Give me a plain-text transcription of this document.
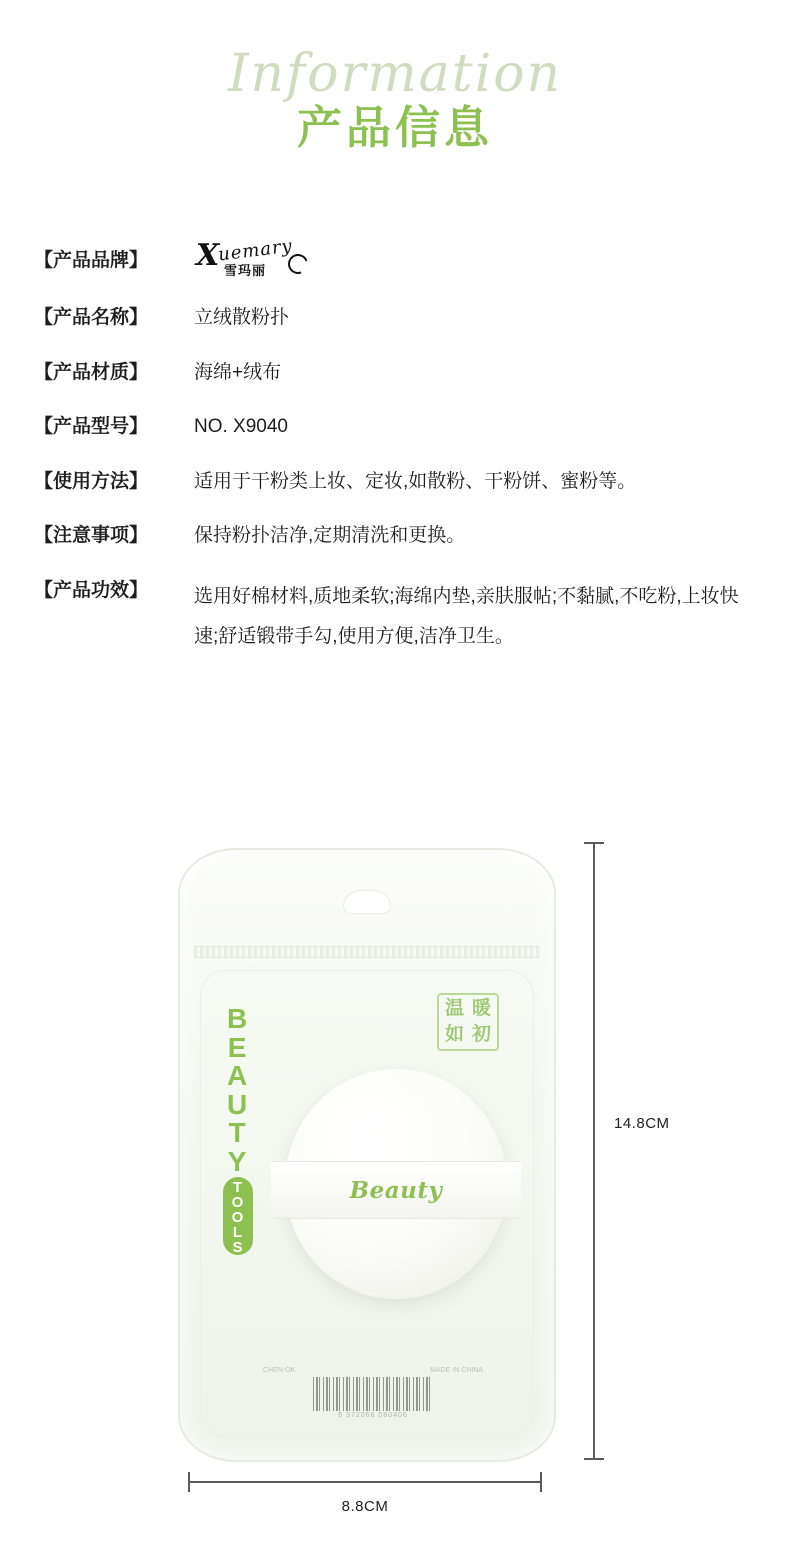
Information
产品信息
【产品品牌】	X
uemary
雪玛丽
【产品名称】	立绒散粉扑
【产品材质】	海绵+绒布
【产品型号】	NO. X9040
【使用方法】	适用于干粉类上妆、定妆,如散粉、干粉饼、蜜粉等。
【注意事项】	保持粉扑洁净,定期清洗和更换。
【产品功效】	选用好棉材料,质地柔软;海绵内垫,亲肤服帖;不黏腻,不吃粉,上妆快速;舒适锻带手勾,使用方便,洁净卫生。
B
E
A
U
T
Y
T
O
O
L
S
温 暖
如 初
Beauty
CHEN-OK	MADE IN CHINA
6 972068 080406
14.8CM
8.8CM
